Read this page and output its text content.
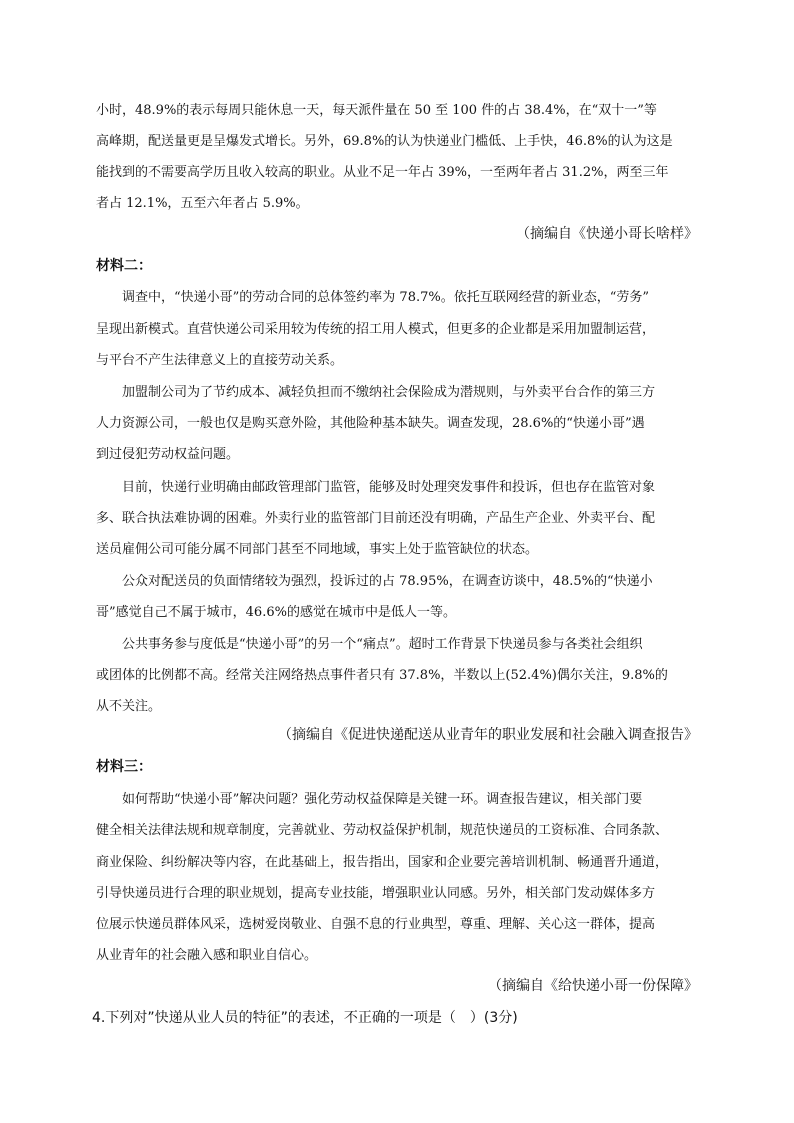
小时，48.9%的表示每周只能休息一天，每天派件量在 50 至 100 件的占 38.4%，在“双十一”等
高峰期，配送量更是呈爆发式增长。另外，69.8%的认为快递业门槛低、上手快，46.8%的认为这是
能找到的不需要高学历且收入较高的职业。从业不足一年占 39%，一至两年者占 31.2%，两至三年
者占 12.1%，五至六年者占 5.9%。
（摘编自《快递小哥长啥样》
材料二：
调查中，“快递小哥”的劳动合同的总体签约率为 78.7%。依托互联网经营的新业态，“劳务”
呈现出新模式。直营快递公司采用较为传统的招工用人模式，但更多的企业都是采用加盟制运营，
与平台不产生法律意义上的直接劳动关系。
加盟制公司为了节约成本、减轻负担而不缴纳社会保险成为潜规则，与外卖平台合作的第三方
人力资源公司，一般也仅是购买意外险，其他险种基本缺失。调查发现，28.6%的“快递小哥”遇
到过侵犯劳动权益问题。
目前，快递行业明确由邮政管理部门监管，能够及时处理突发事件和投诉，但也存在监管对象
多、联合执法难协调的困难。外卖行业的监管部门目前还没有明确，产品生产企业、外卖平台、配
送员雇佣公司可能分属不同部门甚至不同地域，事实上处于监管缺位的状态。
公众对配送员的负面情绪较为强烈，投诉过的占 78.95%，在调查访谈中，48.5%的“快递小
哥”感觉自己不属于城市，46.6%的感觉在城市中是低人一等。
公共事务参与度低是“快递小哥”的另一个“痛点”。超时工作背景下快递员参与各类社会组织
或团体的比例都不高。经常关注网络热点事件者只有 37.8%，半数以上(52.4%)偶尔关注，9.8%的
从不关注。
（摘编自《促进快递配送从业青年的职业发展和社会融入调查报告》
材料三：
如何帮助“快递小哥”解决问题？强化劳动权益保障是关键一环。调查报告建议，相关部门要
健全相关法律法规和规章制度，完善就业、劳动权益保护机制，规范快递员的工资标准、合同条款、
商业保险、纠纷解决等内容，在此基础上，报告指出，国家和企业要完善培训机制、畅通晋升通道，
引导快递员进行合理的职业规划，提高专业技能，增强职业认同感。另外，相关部门发动媒体多方
位展示快递员群体风采，选树爱岗敬业、自强不息的行业典型，尊重、理解、关心这一群体，提高
从业青年的社会融入感和职业自信心。
（摘编自《给快递小哥一份保障》
4.下列对”快递从业人员的特征”的表述，不正确的一项是（　）(3分)
